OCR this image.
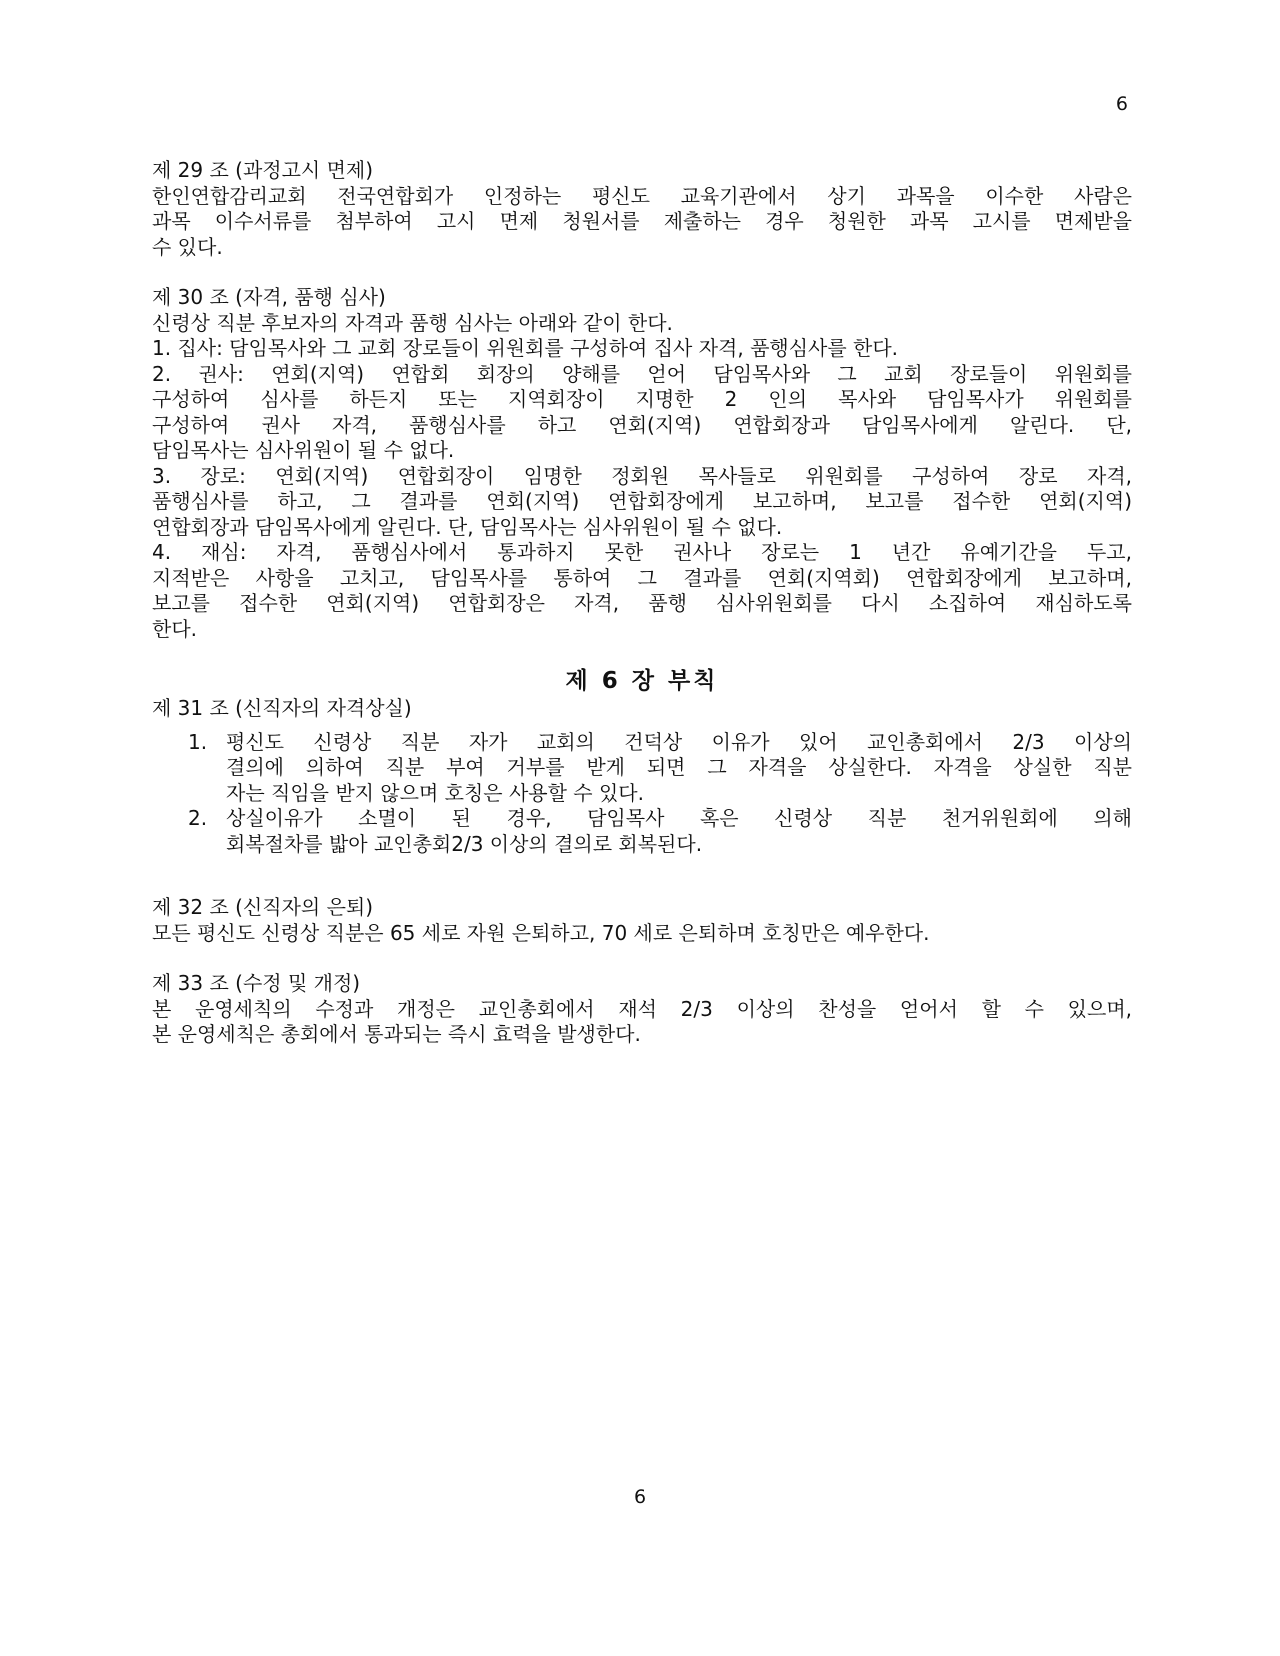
6
제 29 조 (과정고시 면제)
한인연합감리교회 전국연합회가 인정하는 평신도 교육기관에서 상기 과목을 이수한 사람은
과목 이수서류를 첨부하여 고시 면제 청원서를 제출하는 경우 청원한 과목 고시를 면제받을
수 있다.
제 30 조 (자격, 품행 심사)
신령상 직분 후보자의 자격과 품행 심사는 아래와 같이 한다.
1. 집사: 담임목사와 그 교회 장로들이 위원회를 구성하여 집사 자격, 품행심사를 한다.
2. 권사: 연회(지역) 연합회 회장의 양해를 얻어 담임목사와 그 교회 장로들이 위원회를
구성하여 심사를 하든지 또는 지역회장이 지명한 2 인의 목사와 담임목사가 위원회를
구성하여 권사 자격, 품행심사를 하고 연회(지역) 연합회장과 담임목사에게 알린다. 단,
담임목사는 심사위원이 될 수 없다.
3. 장로: 연회(지역) 연합회장이 임명한 정회원 목사들로 위원회를 구성하여 장로 자격,
품행심사를 하고, 그 결과를 연회(지역) 연합회장에게 보고하며, 보고를 접수한 연회(지역)
연합회장과 담임목사에게 알린다. 단, 담임목사는 심사위원이 될 수 없다.
4. 재심: 자격, 품행심사에서 통과하지 못한 권사나 장로는 1 년간 유예기간을 두고,
지적받은 사항을 고치고, 담임목사를 통하여 그 결과를 연회(지역회) 연합회장에게 보고하며,
보고를 접수한 연회(지역) 연합회장은 자격, 품행 심사위원회를 다시 소집하여 재심하도록
한다.
제 6 장 부칙
제 31 조 (신직자의 자격상실)
1. 평신도 신령상 직분 자가 교회의 건덕상 이유가 있어 교인총회에서 2/3 이상의
결의에 의하여 직분 부여 거부를 받게 되면 그 자격을 상실한다. 자격을 상실한 직분
자는 직임을 받지 않으며 호칭은 사용할 수 있다.
2. 상실이유가 소멸이 된 경우, 담임목사 혹은 신령상 직분 천거위원회에 의해
회복절차를 밟아 교인총회2/3 이상의 결의로 회복된다.
제 32 조 (신직자의 은퇴)
모든 평신도 신령상 직분은 65 세로 자원 은퇴하고, 70 세로 은퇴하며 호칭만은 예우한다.
제 33 조 (수정 및 개정)
본 운영세칙의 수정과 개정은 교인총회에서 재석 2/3 이상의 찬성을 얻어서 할 수 있으며,
본 운영세칙은 총회에서 통과되는 즉시 효력을 발생한다.
6
